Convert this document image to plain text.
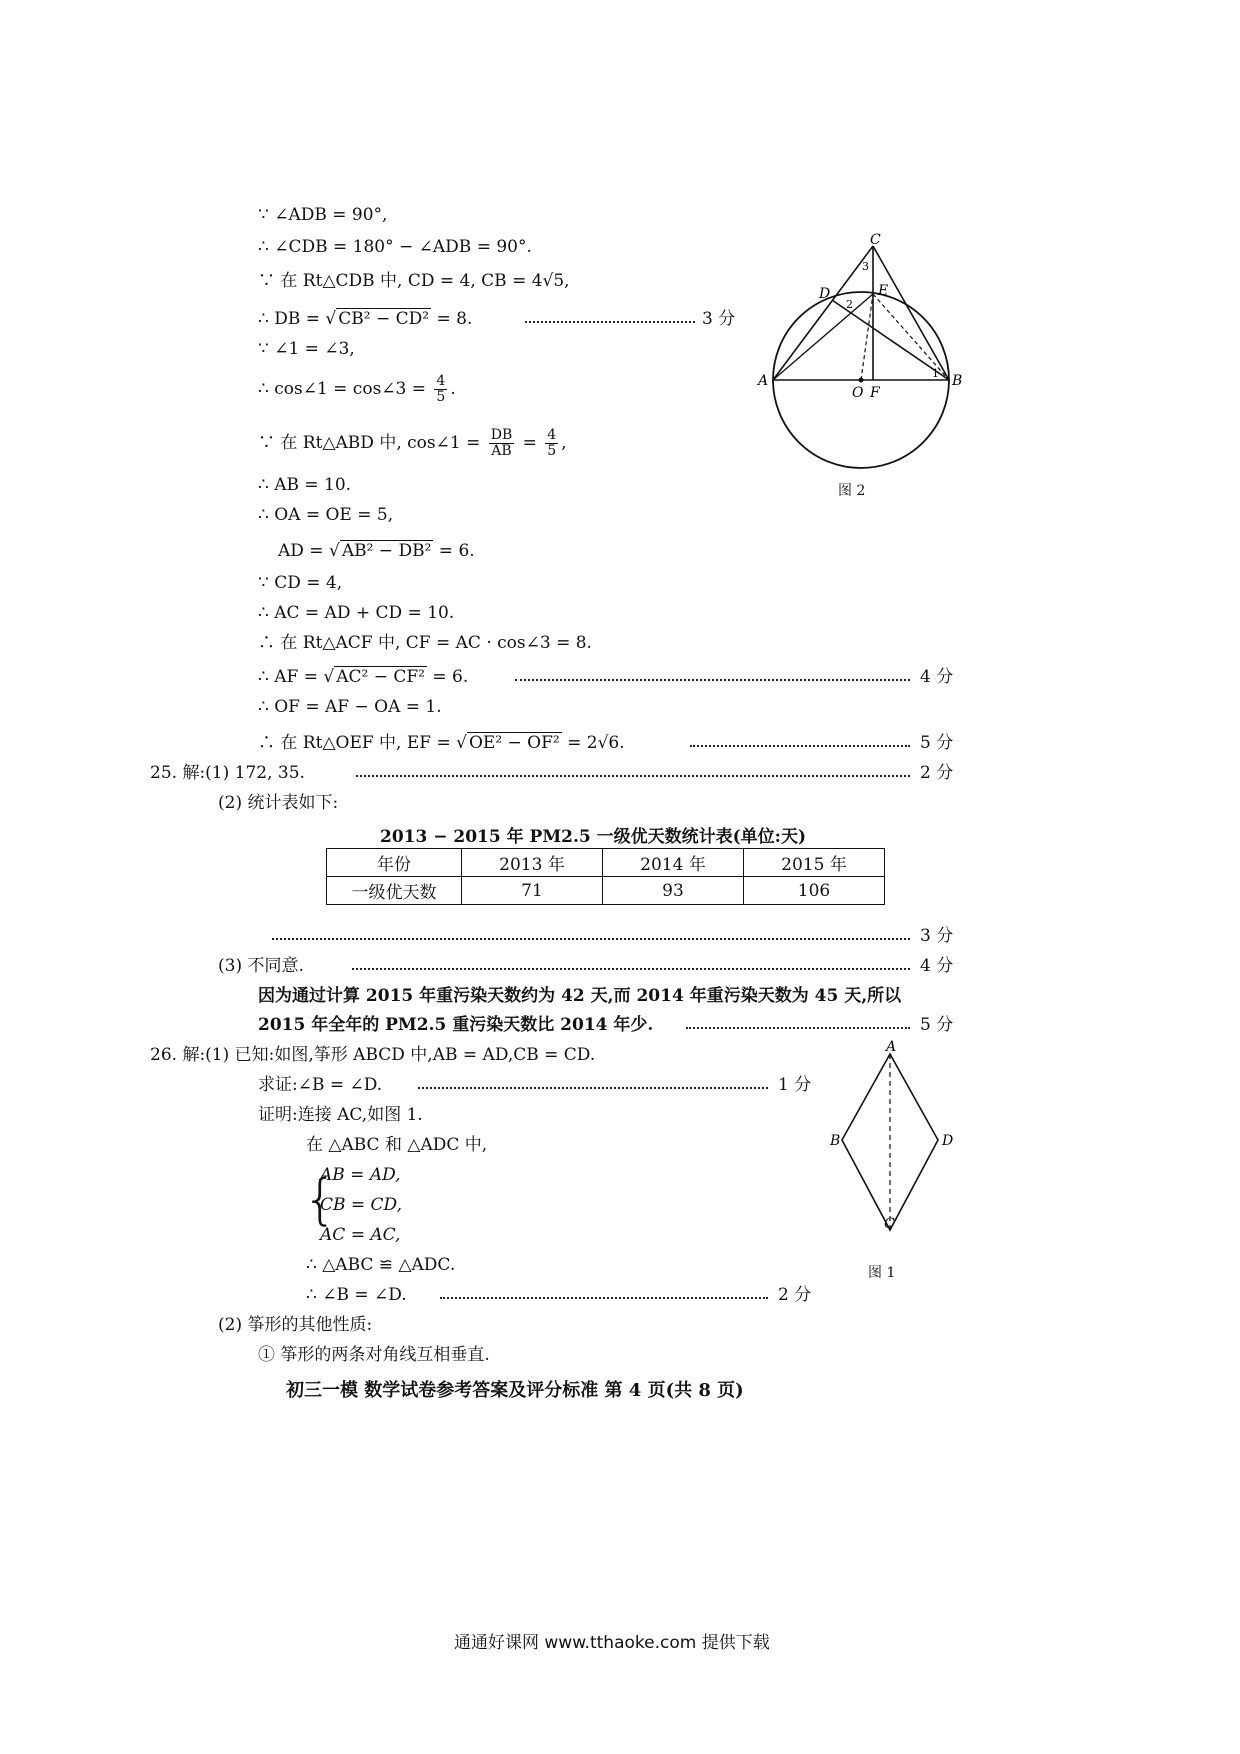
∵ ∠ADB = 90°,
∴ ∠CDB = 180° − ∠ADB = 90°.
∵ 在 Rt△CDB 中, CD = 4, CB = 4√5,
∴ DB = √ CB² − CD² = 8.	3 分
∵ ∠1 = ∠3,
∴ cos∠1 = cos∠3 = $\frac{4}{5}$ .
∵ 在 Rt△ABD 中, cos∠1 = $\frac{DB}{AB} = \frac{4}{5}$ ,
∴ AB = 10.
∴ OA = OE = 5,
AD = √ AB² − DB² = 6.
∵ CD = 4,
∴ AC = AD + CD = 10.
∴ 在 Rt△ACF 中, CF = AC · cos∠3 = 8.
∴ AF = √ AC² − CF² = 6.	4 分
∴ OF = AF − OA = 1.
∴ 在 Rt△OEF 中, EF = √ OE² − OF² = 2√6.	5 分
C
D	E
A	B
O F
3
2
1
图 2
25. 解:(1) 172, 35.	2 分
(2) 统计表如下:
2013 − 2015 年 PM2.5 一级优天数统计表(单位:天)
年份	2013 年	2014 年	2015 年
一级优天数	71	93	106
3 分
(3) 不同意.	4 分
因为通过计算 2015 年重污染天数约为 42 天,而 2014 年重污染天数为 45 天,所以
2015 年全年的 PM2.5 重污染天数比 2014 年少.	5 分
26. 解:(1) 已知:如图,筝形 ABCD 中,AB = AD,CB = CD.
求证:∠B = ∠D.	1 分
证明:连接 AC,如图 1.
在 △ABC 和 △ADC 中,
{
AB = AD,
CB = CD,
AC = AC,
∴ △ABC ≌ △ADC.
∴ ∠B = ∠D.	2 分
(2) 筝形的其他性质:
① 筝形的两条对角线互相垂直.
A
B	D
C
图 1
初三一模 数学试卷参考答案及评分标准 第 4 页(共 8 页)
通通好课网 www.tthaoke.com 提供下载
